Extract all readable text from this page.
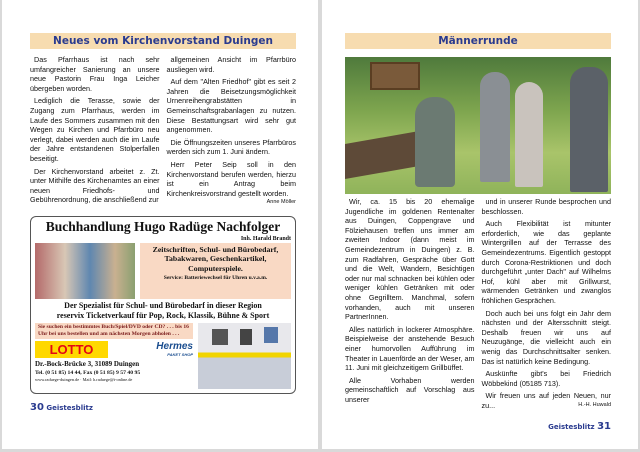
Neues vom Kirchenvorstand Duingen

Das Pfarrhaus ist nach sehr umfangreicher Sanierung an unsere neue Pastorin Frau Inga Leicher übergeben worden.

Lediglich die Terasse, sowie der Zugang zum Pfarrhaus, werden im Laufe des Sommers zusammen mit den Wegen zu Kirchen und Pfarrbüro neu verlegt, dabei werden auch die im Laufe der Jahre entstandenen Stolperfallen beseitigt.

Der Kirchenvorstand arbeitet z. Zt. unter Mithilfe des Kirchenamtes an einer neuen Friedhofs- und Gebührenordnung, die anschließend zur

allgemeinen Ansicht im Pfarrbüro ausliegen wird.

Auf dem "Alten Friedhof" gibt es seit 2 Jahren die Beisetzungsmöglichkeit Urnenreihengrabstätten in Gemeinschaftsgrabanlagen zu nutzen. Diese Bestattungsart wird sehr gut angenommen.

Die Öffnungszeiten unseres Pfarrbüros werden sich zum 1. Juni ändern.

Herr Peter Seip soll in den Kirchenvorstand berufen werden, hierzu ist ein Antrag beim Kirchenkreisvorstrand gestellt worden.
Anne Möller

Buchhandlung Hugo Radüge Nachfolger
Inh. Harald Brandt
Zeitschriften, Schul- und Bürobedarf, Tabakwaren, Geschenkartikel, Computerspiele.
Service: Batteriewechsel für Uhren u.v.a.m.
Der Spezialist für Schul- und Bürobedarf in dieser Region
reservix Ticketverkauf für Pop, Rock, Klassik, Bühne & Sport
Sie suchen ein bestimmtes Buch/Spiel/DVD oder CD? . . . bis 16 Uhr bei uns bestellen und am nächsten Morgen abholen . . .
LOTTO	Hermes
PAKET SHOP
Dr.-Bock-Brücke 3, 31089 Duingen
Tel. (0 51 85) 14 44, Fax (0 51 85) 9 57 40 95
www.raduege-duingen.de · Mail: h.raduege@t-online.de
30 Geistesblitz
Männerrunde

Wir, ca. 15 bis 20 ehemalige Jugendliche im goldenen Rentenalter aus Duingen, Coppengrave und Fölziehausen treffen uns immer am zweiten Indoor (dann meist im Gemeindezentrum in Duingen) z. B. zum Radfahren, Gespräche über Gott und die Welt, Wandern, Besichtigen oder nur mal schnacken bei kühlen oder weniger kühlen Getränken mit oder ohne Gegrilltem. Manchmal, sofern vorhanden, auch mit unseren PartnerInnen.

Alles natürlich in lockerer Atmosphäre. Beispielweise der anstehende Besuch einer humorvollen Aufführung im Theater in Lauenförde an der Weser, am 11. Juni mit gleichzeitigem Grillbüffet.

Alle Vorhaben werden gemeinschaftlich auf Vorschlag aus unserer

und in unserer Runde besprochen und beschlossen.

Auch Flexibilität ist mitunter erforderlich, wie das geplante Wintergrillen auf der Terrasse des Gemeindezentrums. Eigentlich gestoppt durch Corona-Restriktionen und doch durchgeführt „unter Dach" auf Wilhelms Hof, kühl aber mit Grillwurst, wärmenden Getränken und zwanglos fröhlichen Gesprächen.

Doch auch bei uns folgt ein Jahr dem nächsten und der Altersschnitt steigt. Deshalb freuen wir uns auf Neuzugänge, die vielleicht auch ein wenig das Durchschnittsalter senken. Das ist natürlich keine Bedingung.

Auskünfte gibt's bei Friedrich Wöbbekind (05185 713).

Wir freuen uns auf jeden Neuen, nur zu...	H.-H. Huwald

Geistesblitz 31
